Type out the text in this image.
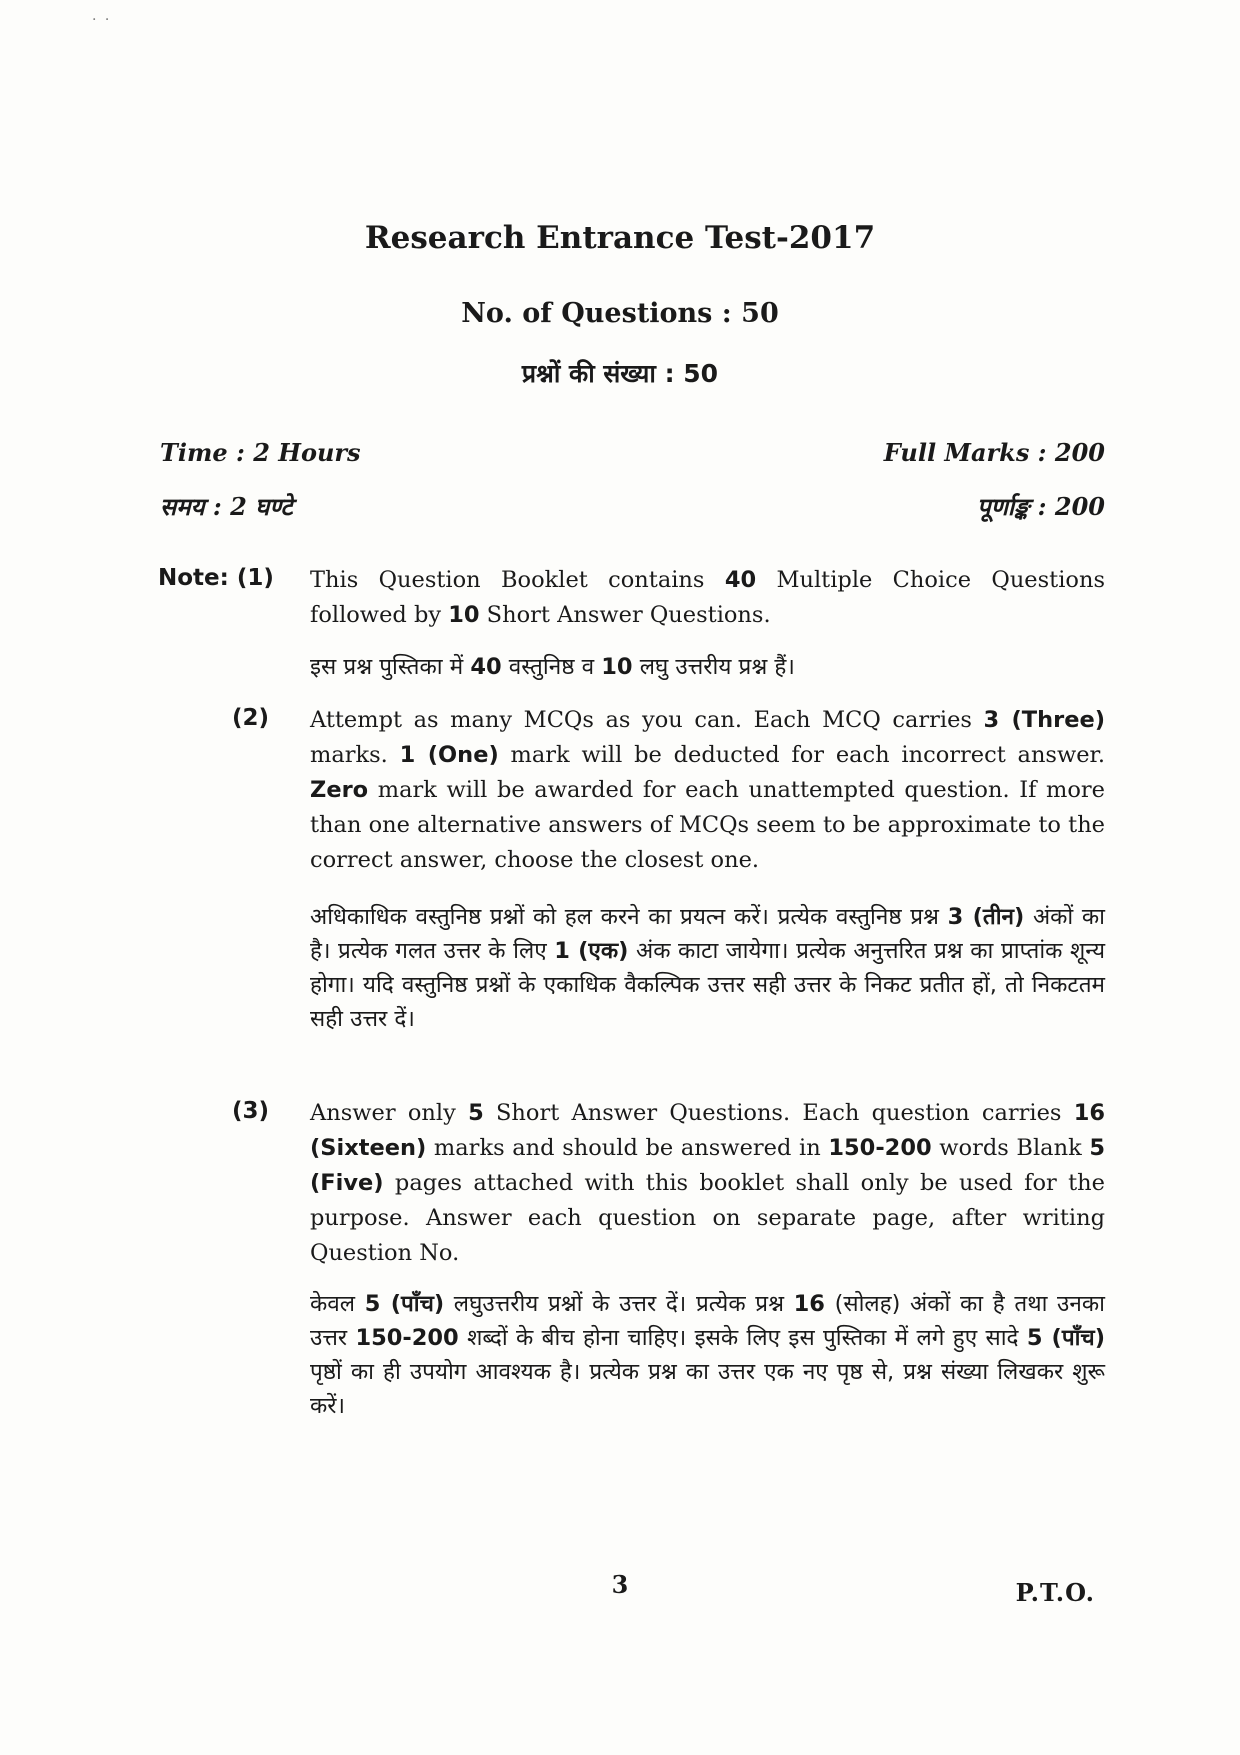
· ·
Research Entrance Test-2017
No. of Questions : 50
प्रश्नों की संख्या : 50
Time : 2 Hours	Full Marks : 200
समय : 2 घण्टे	पूर्णाङ्क : 200
Note: (1) This Question Booklet contains 40 Multiple Choice Questions followed by 10 Short Answer Questions.
इस प्रश्न पुस्तिका में 40 वस्तुनिष्ठ व 10 लघु उत्तरीय प्रश्न हैं।
(2) Attempt as many MCQs as you can. Each MCQ carries 3 (Three) marks. 1 (One) mark will be deducted for each incorrect answer. Zero mark will be awarded for each unattempted question. If more than one alternative answers of MCQs seem to be approximate to the correct answer, choose the closest one.
अधिकाधिक वस्तुनिष्ठ प्रश्नों को हल करने का प्रयत्न करें। प्रत्येक वस्तुनिष्ठ प्रश्न 3 (तीन) अंकों का है। प्रत्येक गलत उत्तर के लिए 1 (एक) अंक काटा जायेगा। प्रत्येक अनुत्तरित प्रश्न का प्राप्तांक शून्य होगा। यदि वस्तुनिष्ठ प्रश्नों के एकाधिक वैकल्पिक उत्तर सही उत्तर के निकट प्रतीत हों, तो निकटतम सही उत्तर दें।
(3) Answer only 5 Short Answer Questions. Each question carries 16 (Sixteen) marks and should be answered in 150-200 words Blank 5 (Five) pages attached with this booklet shall only be used for the purpose. Answer each question on separate page, after writing Question No.
केवल 5 (पाँच) लघुउत्तरीय प्रश्नों के उत्तर दें। प्रत्येक प्रश्न 16 (सोलह) अंकों का है तथा उनका उत्तर 150-200 शब्दों के बीच होना चाहिए। इसके लिए इस पुस्तिका में लगे हुए सादे 5 (पाँच) पृष्ठों का ही उपयोग आवश्यक है। प्रत्येक प्रश्न का उत्तर एक नए पृष्ठ से, प्रश्न संख्या लिखकर शुरू करें।
3	P.T.O.
